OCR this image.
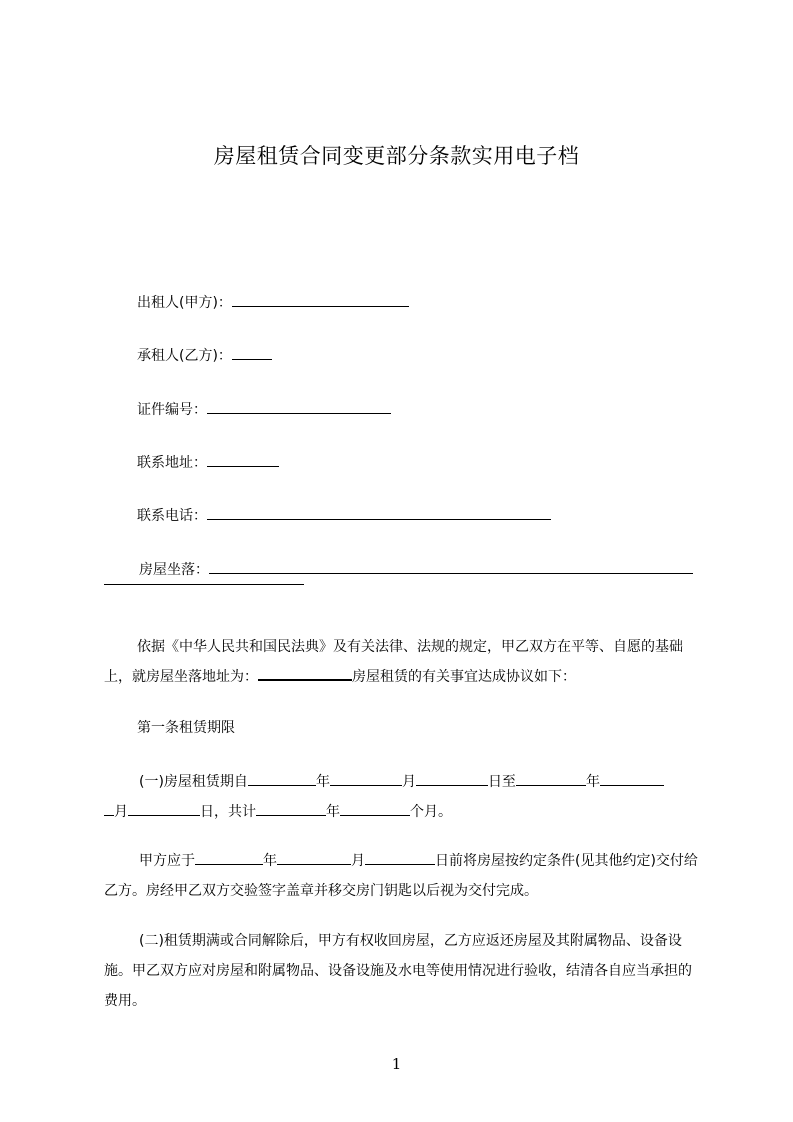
房屋租赁合同变更部分条款实用电子档
出租人(甲方)：
承租人(乙方)：
证件编号：
联系地址：
联系电话：
房屋坐落：

依据《中华人民共和国民法典》及有关法律、法规的规定，甲乙双方在平等、自愿的基础上，就房屋坐落地址为：	房屋租赁的有关事宜达成协议如下：

第一条租赁期限

(一)房屋租赁期自	年	月	日至	年
月	日，共计	年	个月。

甲方应于	年	月	日前将房屋按约定条件(见其他约定)交付给乙方。房经甲乙双方交验签字盖章并移交房门钥匙以后视为交付完成。

(二)租赁期满或合同解除后，甲方有权收回房屋，乙方应返还房屋及其附属物品、设备设施。甲乙双方应对房屋和附属物品、设备设施及水电等使用情况进行验收，结清各自应当承担的费用。

1
